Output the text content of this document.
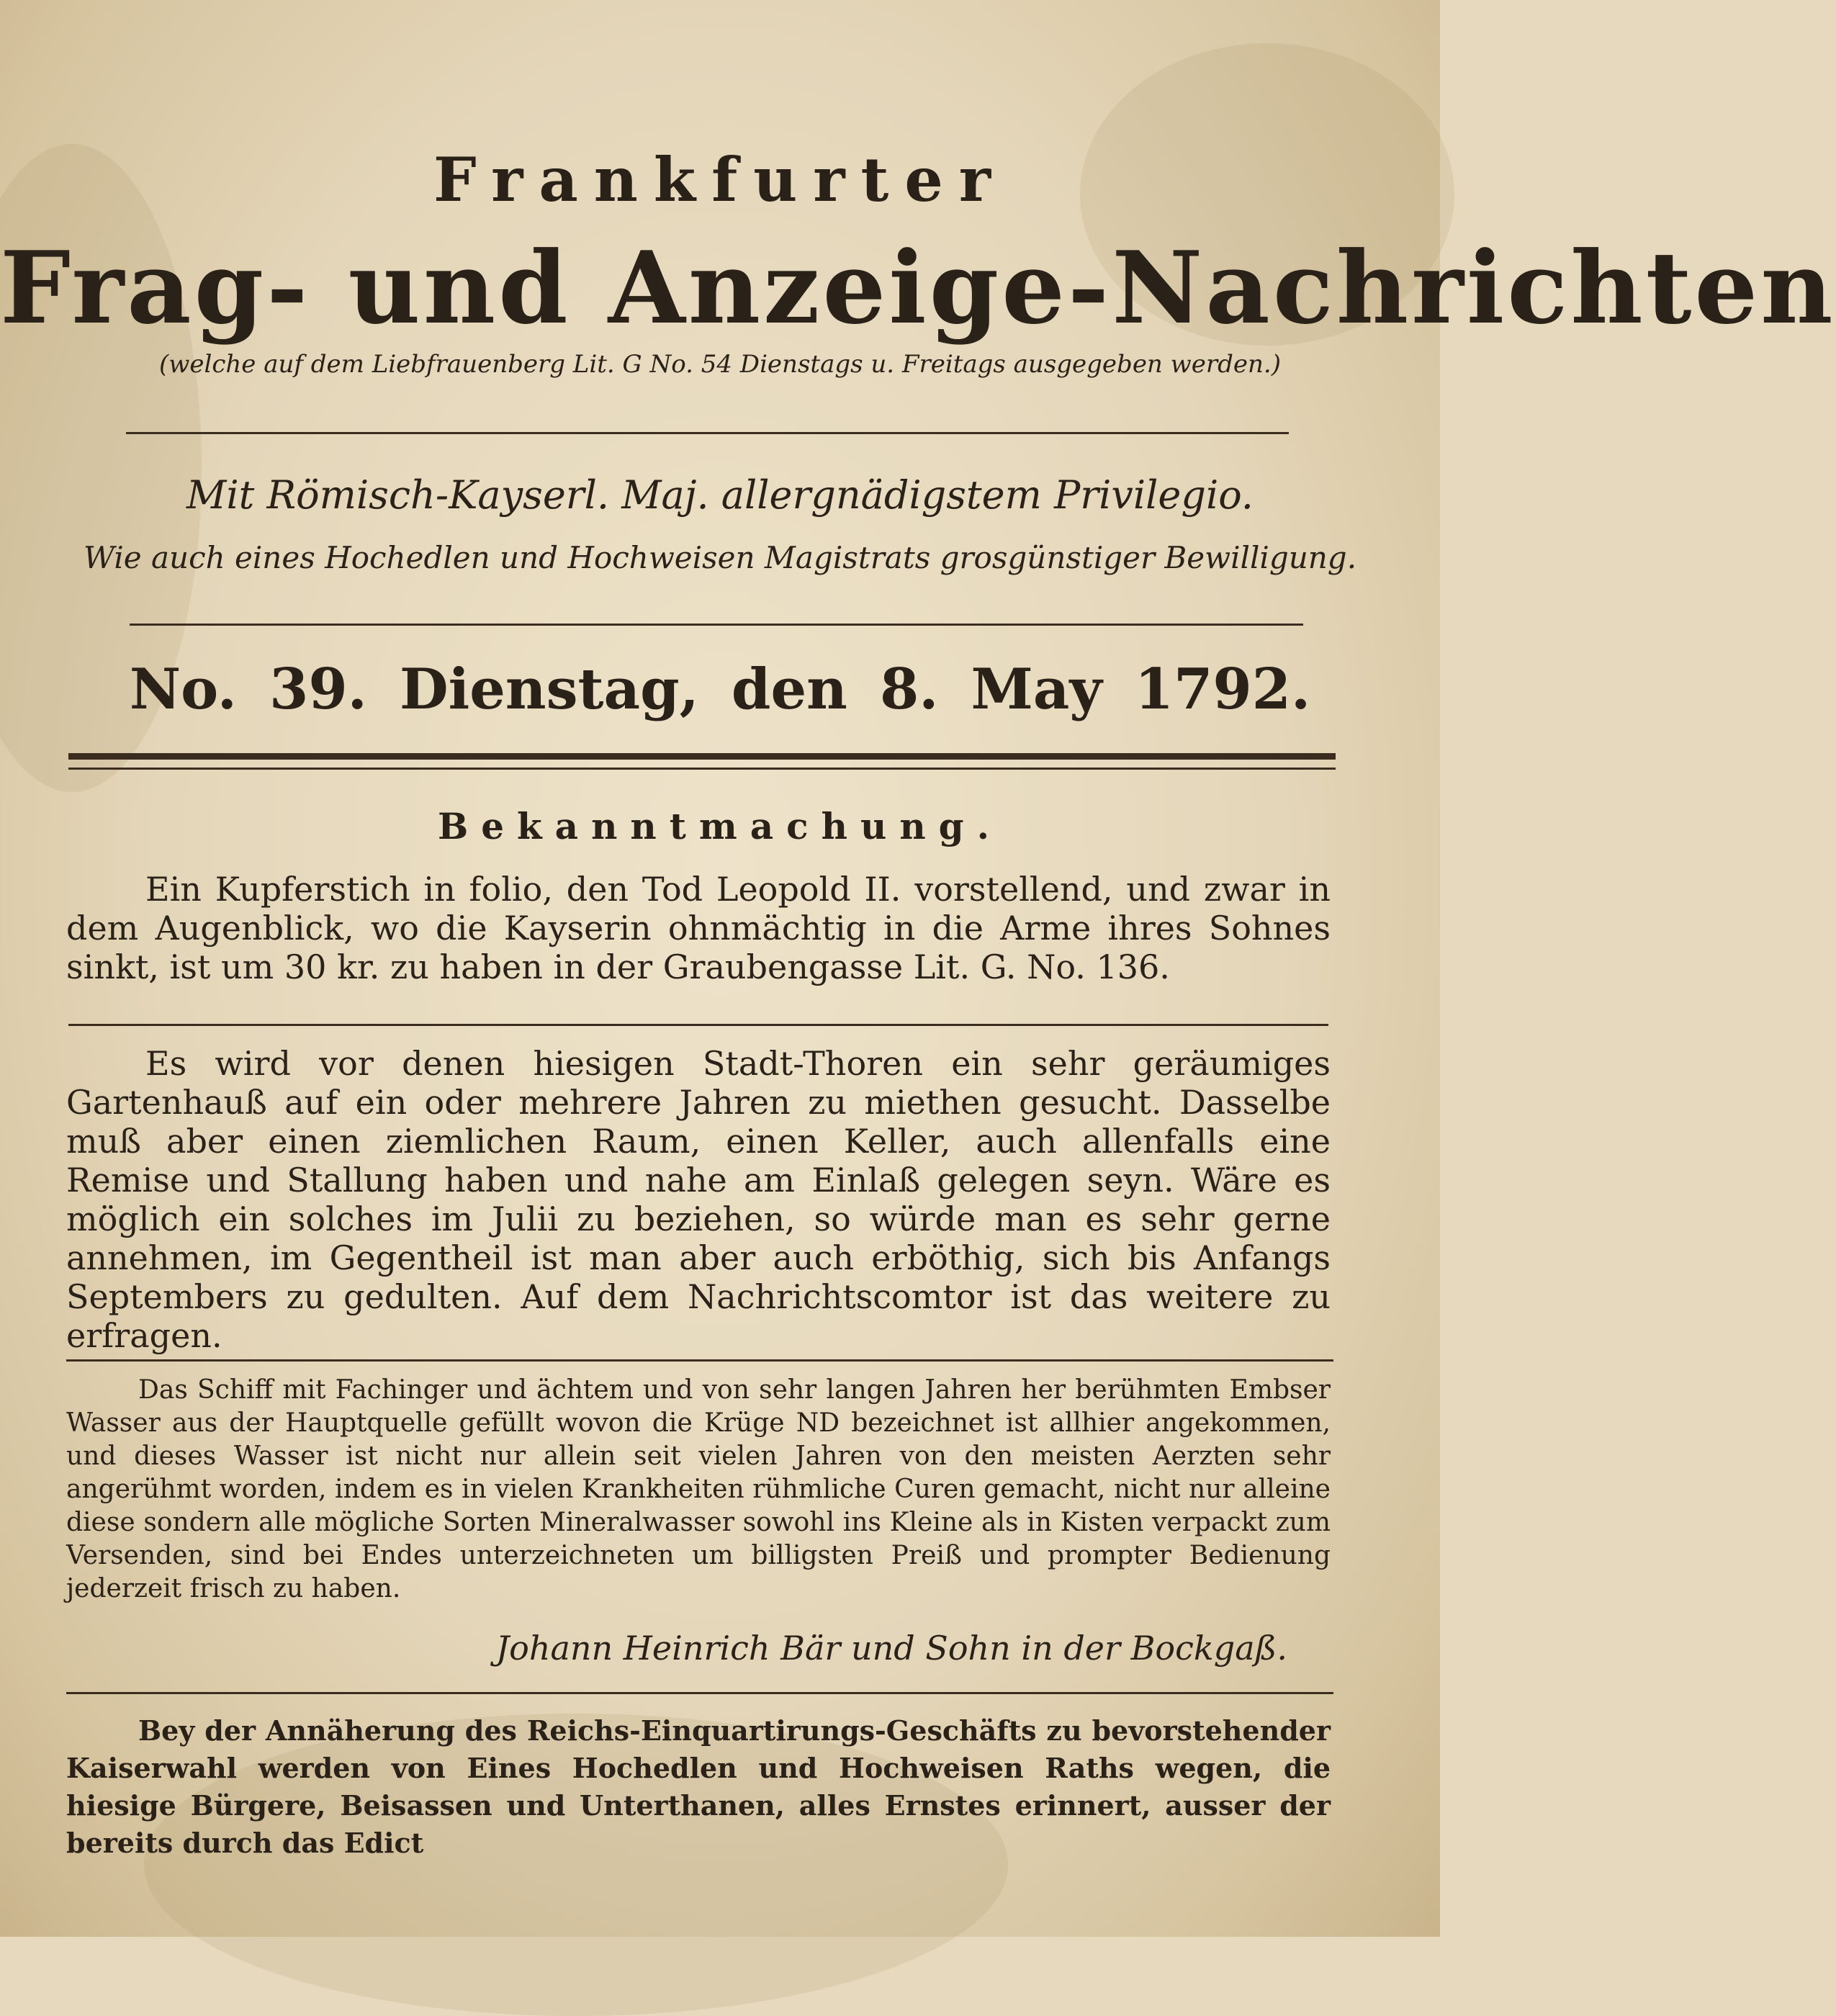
Frankfurter
Frag- und Anzeige-Nachrichten
(welche auf dem Liebfrauenberg Lit. G No. 54 Dienstags u. Freitags ausgegeben werden.)
Mit Römisch-Kayserl. Maj. allergnädigstem Privilegio.
Wie auch eines Hochedlen und Hochweisen Magistrats grosgünstiger Bewilligung.
No. 39. Dienstag, den 8. May 1792.
Bekanntmachung.
Ein Kupferstich in folio, den Tod Leopold II. vorstellend, und zwar in dem Augenblick, wo die Kayserin ohnmächtig in die Arme ihres Sohnes sinkt, ist um 30 kr. zu haben in der Graubengasse Lit. G. No. 136.
Es wird vor denen hiesigen Stadt-Thoren ein sehr geräumiges Gartenhauß auf ein oder mehrere Jahren zu miethen gesucht. Dasselbe muß aber einen ziemlichen Raum, einen Keller, auch allenfalls eine Remise und Stallung haben und nahe am Einlaß gelegen seyn. Wäre es möglich ein solches im Julii zu beziehen, so würde man es sehr gerne annehmen, im Gegentheil ist man aber auch erböthig, sich bis Anfangs Septembers zu gedulten. Auf dem Nachrichtscomtor ist das weitere zu erfragen.
Das Schiff mit Fachinger und ächtem und von sehr langen Jahren her berühmten Embser Wasser aus der Hauptquelle gefüllt wovon die Krüge ND bezeichnet ist allhier angekommen, und dieses Wasser ist nicht nur allein seit vielen Jahren von den meisten Aerzten sehr angerühmt worden, indem es in vielen Krankheiten rühmliche Curen gemacht, nicht nur alleine diese sondern alle mögliche Sorten Mineralwasser sowohl ins Kleine als in Kisten verpackt zum Versenden, sind bei Endes unterzeichneten um billigsten Preiß und prompter Bedienung jederzeit frisch zu haben.
Johann Heinrich Bär und Sohn in der Bockgaß.
Bey der Annäherung des Reichs-Einquartirungs-Geschäfts zu bevorstehender Kaiserwahl werden von Eines Hochedlen und Hochweisen Raths wegen, die hiesige Bürgere, Beisassen und Unterthanen, alles Ernstes erinnert, ausser der bereits durch das Edict
